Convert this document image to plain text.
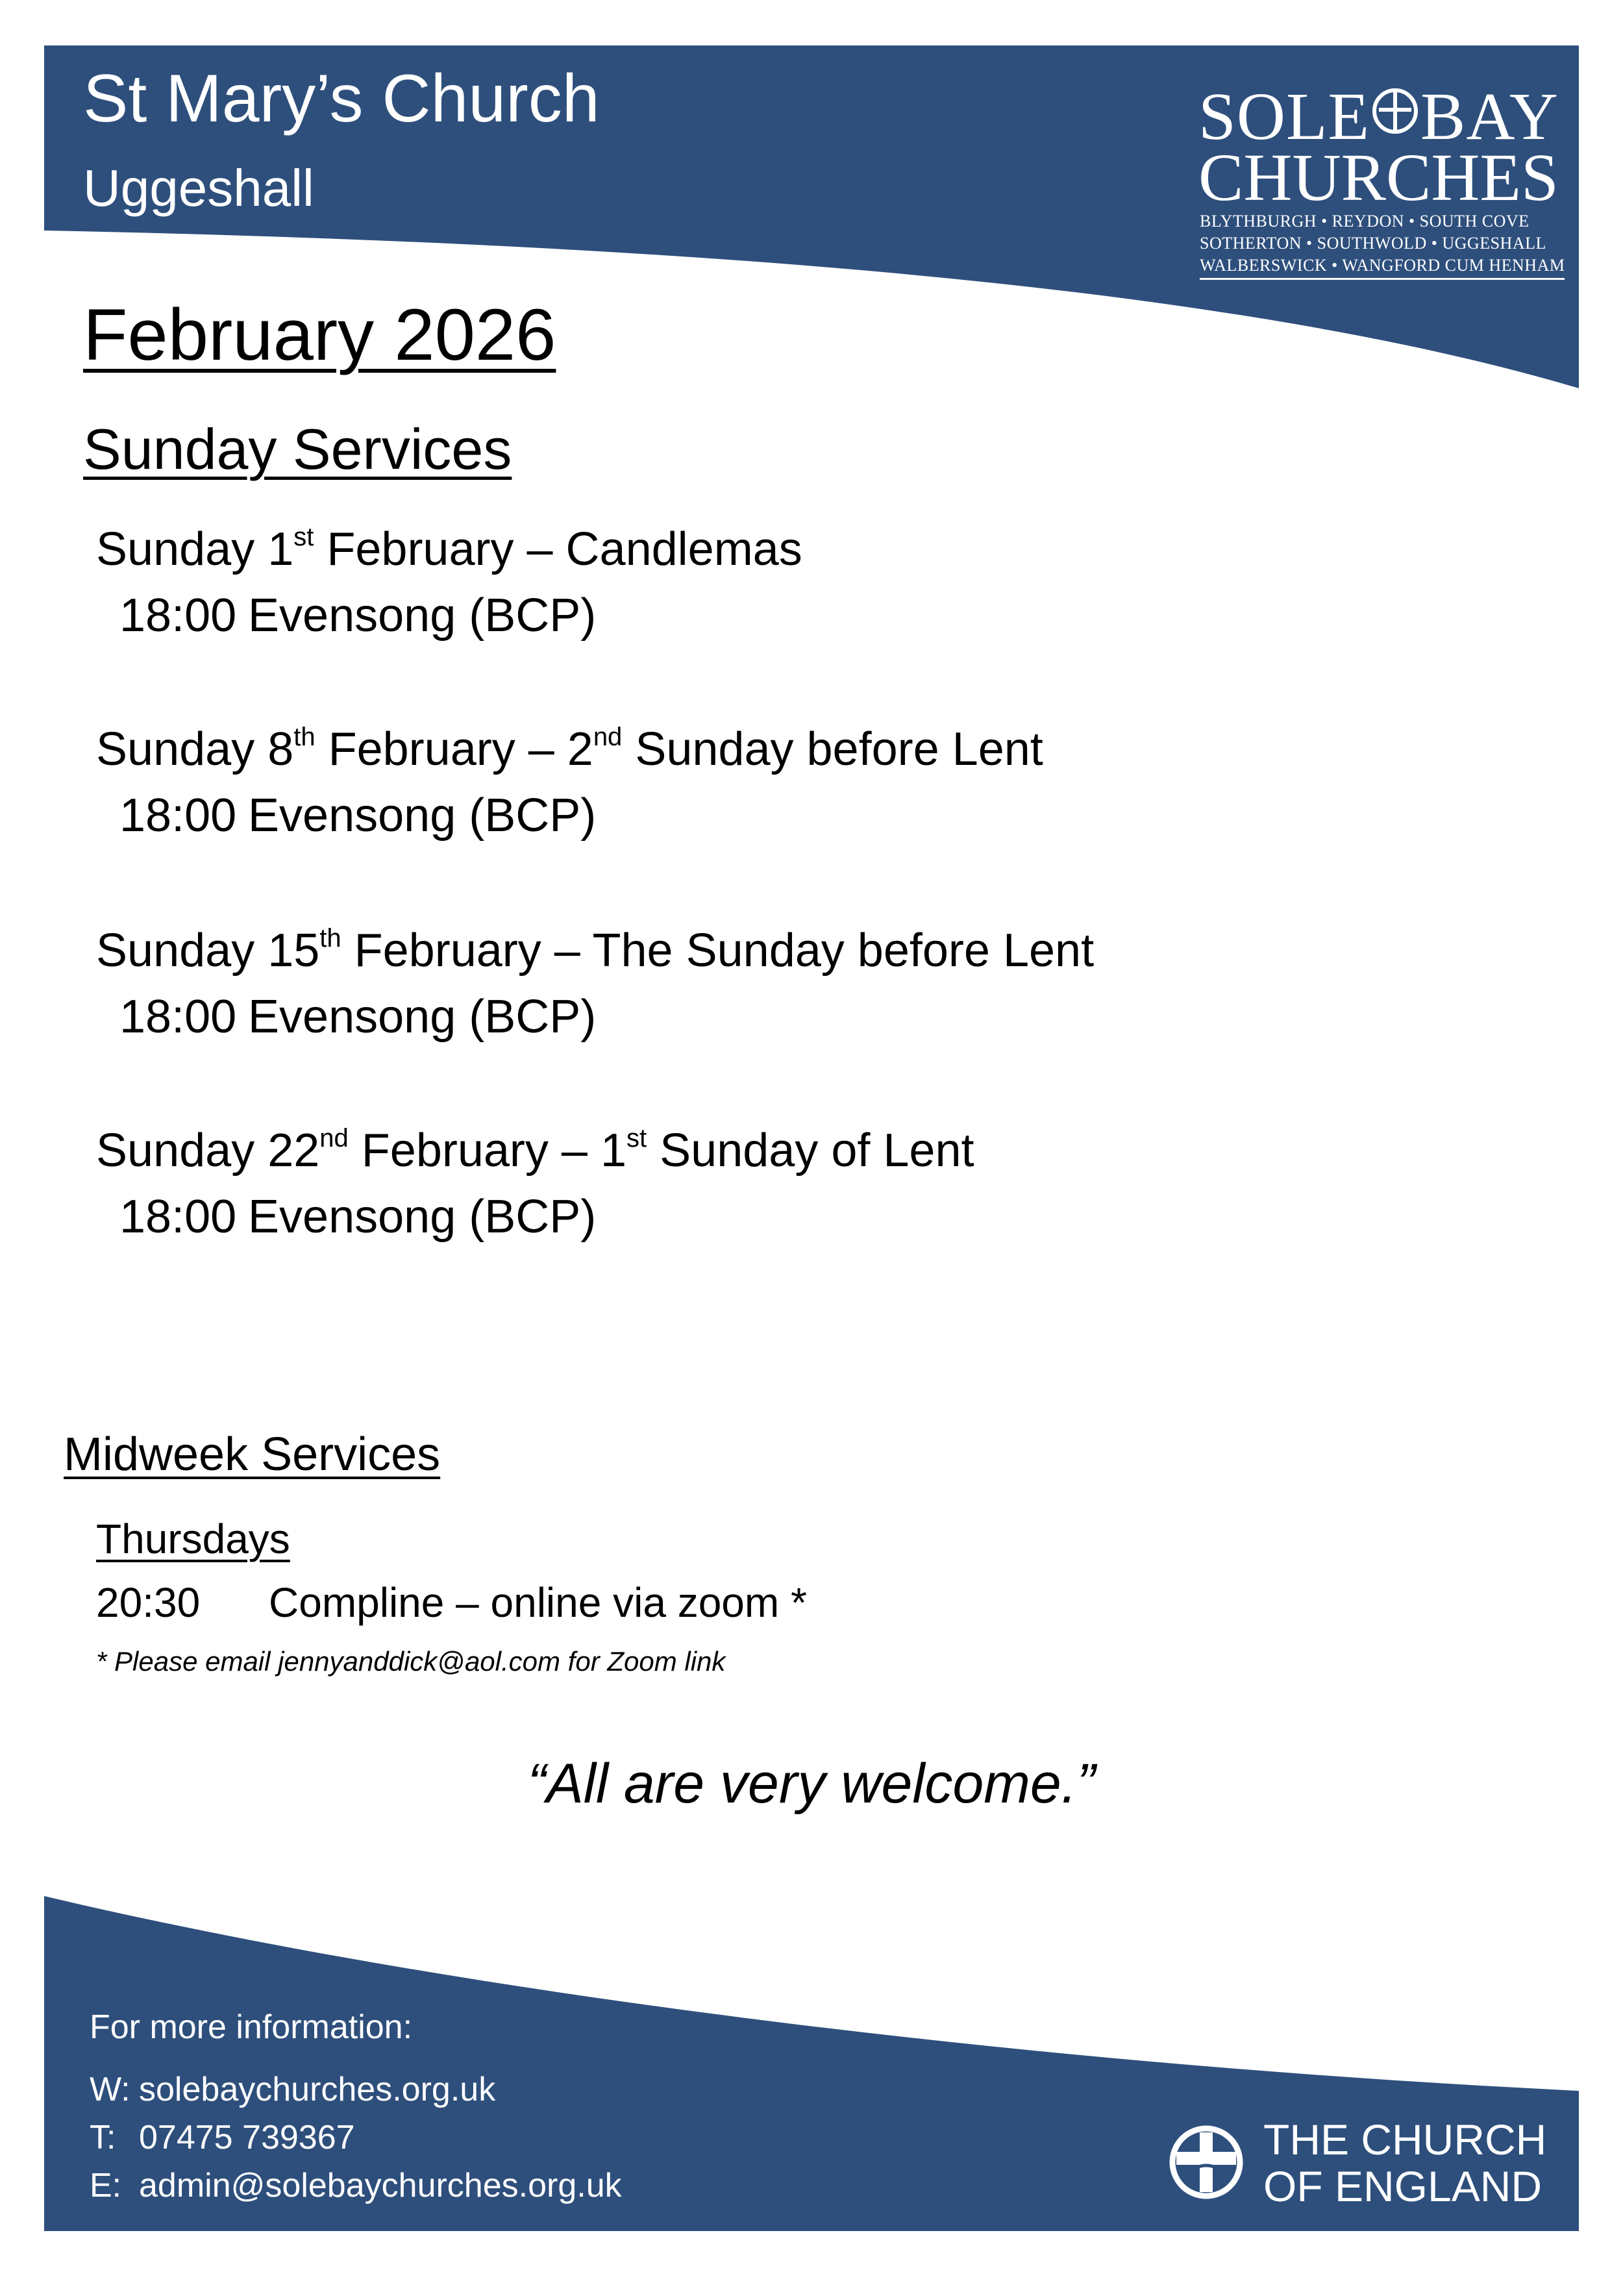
St Mary’s Church
Uggeshall
SOLE BAY
CHURCHES
BLYTHBURGH • REYDON • SOUTH COVE
SOTHERTON • SOUTHWOLD • UGGESHALL
WALBERSWICK • WANGFORD CUM HENHAM
February 2026
Sunday Services
Sunday 1st February – Candlemas
18:00 Evensong (BCP)
Sunday 8th February – 2nd Sunday before Lent
18:00 Evensong (BCP)
Sunday 15th February – The Sunday before Lent
18:00 Evensong (BCP)
Sunday 22nd February – 1st Sunday of Lent
18:00 Evensong (BCP)
Midweek Services
Thursdays
20:30 Compline – online via zoom *
* Please email jennyanddick@aol.com for Zoom link
“All are very welcome.”
For more information:
W: solebaychurches.org.uk
T: 07475 739367
E: admin@solebaychurches.org.uk
THE CHURCH
OF ENGLAND
